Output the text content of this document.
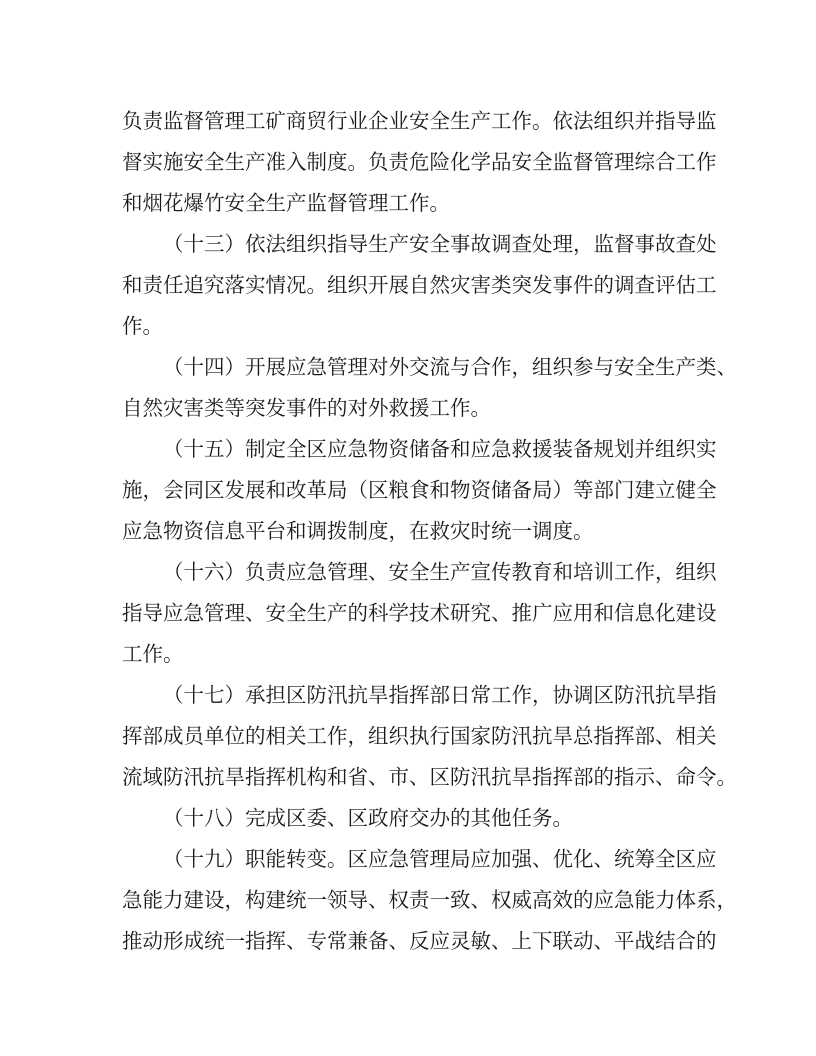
负责监督管理工矿商贸行业企业安全生产工作。依法组织并指导监
督实施安全生产准入制度。负责危险化学品安全监督管理综合工作
和烟花爆竹安全生产监督管理工作。
（十三）依法组织指导生产安全事故调查处理，监督事故查处
和责任追究落实情况。组织开展自然灾害类突发事件的调查评估工
作。
（十四）开展应急管理对外交流与合作，组织参与安全生产类、
自然灾害类等突发事件的对外救援工作。
（十五）制定全区应急物资储备和应急救援装备规划并组织实
施，会同区发展和改革局（区粮食和物资储备局）等部门建立健全
应急物资信息平台和调拨制度，在救灾时统一调度。
（十六）负责应急管理、安全生产宣传教育和培训工作，组织
指导应急管理、安全生产的科学技术研究、推广应用和信息化建设
工作。
（十七）承担区防汛抗旱指挥部日常工作，协调区防汛抗旱指
挥部成员单位的相关工作，组织执行国家防汛抗旱总指挥部、相关
流域防汛抗旱指挥机构和省、市、区防汛抗旱指挥部的指示、命令。
（十八）完成区委、区政府交办的其他任务。
（十九）职能转变。区应急管理局应加强、优化、统筹全区应
急能力建设，构建统一领导、权责一致、权威高效的应急能力体系，
推动形成统一指挥、专常兼备、反应灵敏、上下联动、平战结合的
